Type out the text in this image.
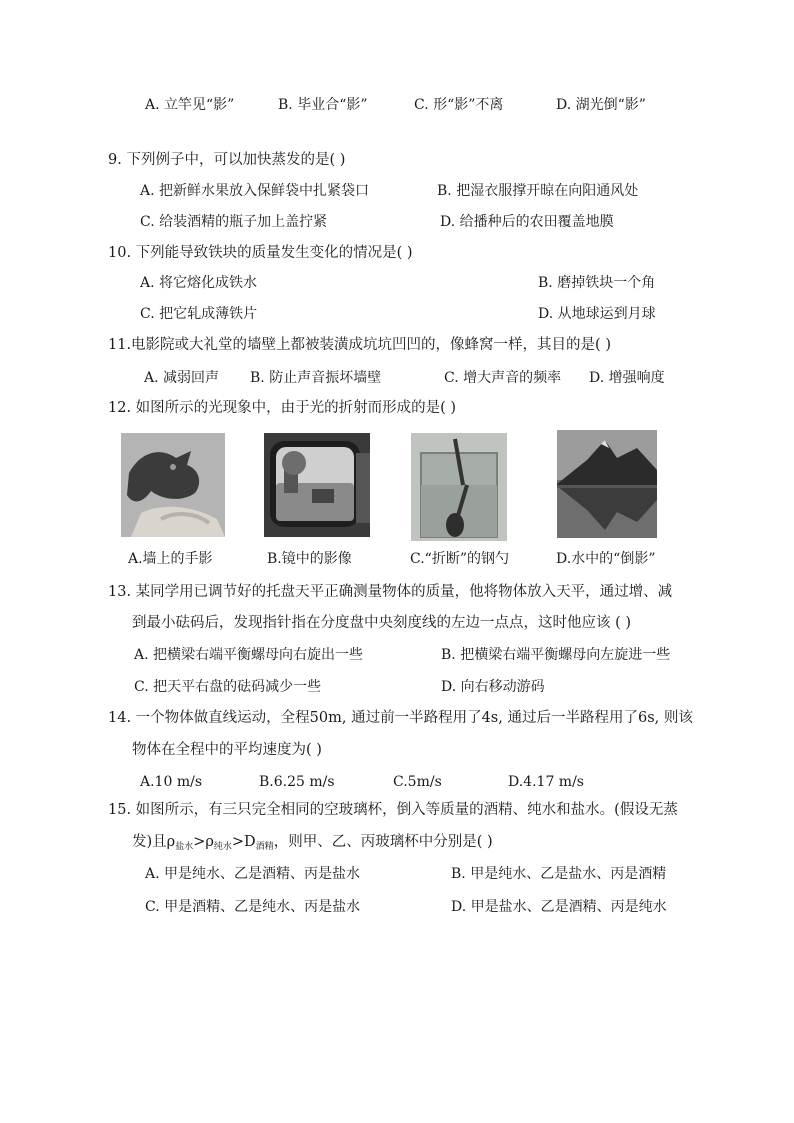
A. 立竿见“影”	B. 毕业合“影”	C. 形“影”不离	D. 湖光倒“影”
9. 下列例子中，可以加快蒸发的是( )
A. 把新鲜水果放入保鲜袋中扎紧袋口	B. 把湿衣服撑开晾在向阳通风处
C. 给装酒精的瓶子加上盖拧紧	D. 给播种后的农田覆盖地膜
10. 下列能导致铁块的质量发生变化的情况是( )
A. 将它熔化成铁水	B. 磨掉铁块一个角
C. 把它轧成薄铁片	D. 从地球运到月球
11.电影院或大礼堂的墙壁上都被装潢成坑坑凹凹的，像蜂窝一样，其目的是( )
A. 减弱回声 B. 防止声音振坏墙壁	C. 增大声音的频率 D. 增强响度
12. 如图所示的光现象中，由于光的折射而形成的是( )
A.墙上的手影	B.镜中的影像	C.“折断”的钢勺	D.水中的“倒影”
13. 某同学用已调节好的托盘天平正确测量物体的质量，他将物体放入天平，通过增、减
到最小砝码后，发现指针指在分度盘中央刻度线的左边一点点，这时他应该 ( )
A. 把横梁右端平衡螺母向右旋出一些	B. 把横梁右端平衡螺母向左旋进一些
C. 把天平右盘的砝码减少一些	D. 向右移动游码
14. 一个物体做直线运动，全程50m, 通过前一半路程用了4s, 通过后一半路程用了6s, 则该
物体在全程中的平均速度为( )
A.10 m/s	B.6.25 m/s	C.5m/s	D.4.17 m/s
15. 如图所示，有三只完全相同的空玻璃杯，倒入等质量的酒精、纯水和盐水。(假设无蒸
发)且$\rho_{盐水}>\rho_{纯水}>D_{酒精}$，则甲、乙、丙玻璃杯中分别是( )
A. 甲是纯水、乙是酒精、丙是盐水	B. 甲是纯水、乙是盐水、丙是酒精
C. 甲是酒精、乙是纯水、丙是盐水	D. 甲是盐水、乙是酒精、丙是纯水
